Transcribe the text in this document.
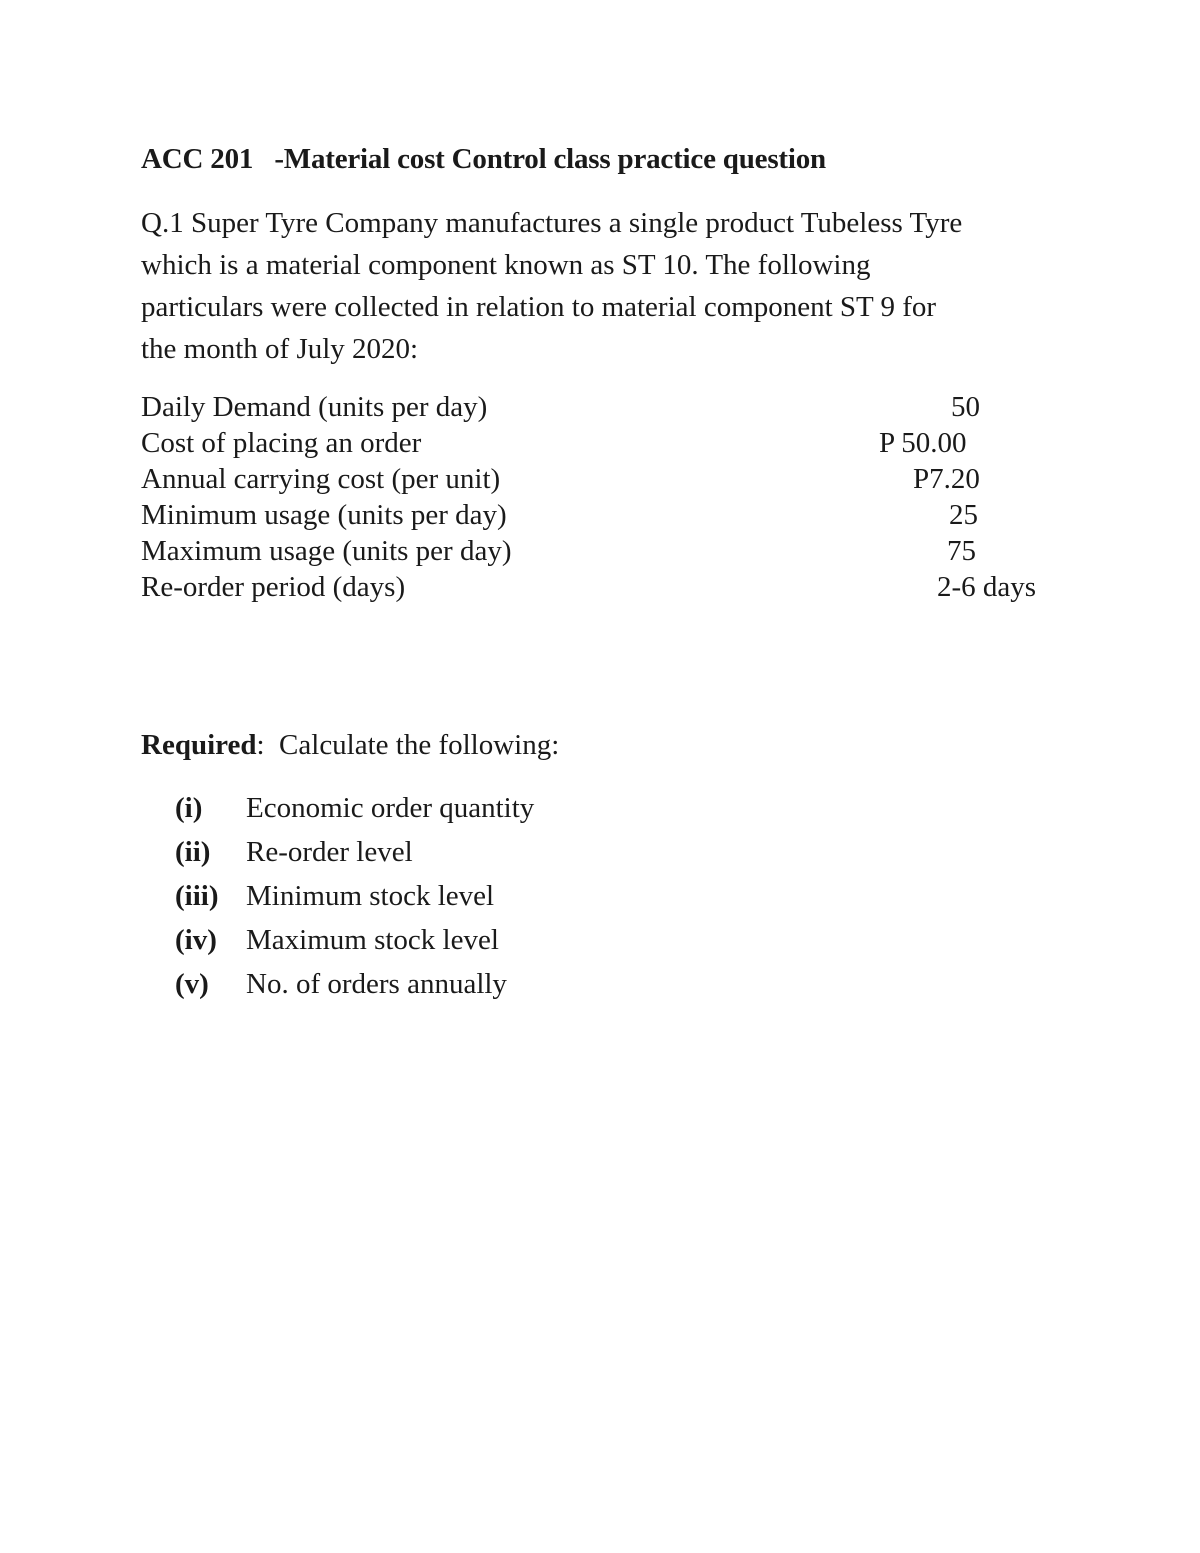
ACC 201   -Material cost Control class practice question

Q.1 Super Tyre Company manufactures a single product Tubeless Tyre
which is a material component known as ST 10. The following
particulars were collected in relation to material component ST 9 for
the month of July 2020:

Daily Demand (units per day)	50
Cost of placing an order	P 50.00
Annual carrying cost (per unit)	P7.20
Minimum usage (units per day)	25
Maximum usage (units per day)	75
Re-order period (days)	2-6 days
Required:  Calculate the following:
(i) Economic order quantity
(ii) Re-order level
(iii) Minimum stock level
(iv) Maximum stock level
(v) No. of orders annually
